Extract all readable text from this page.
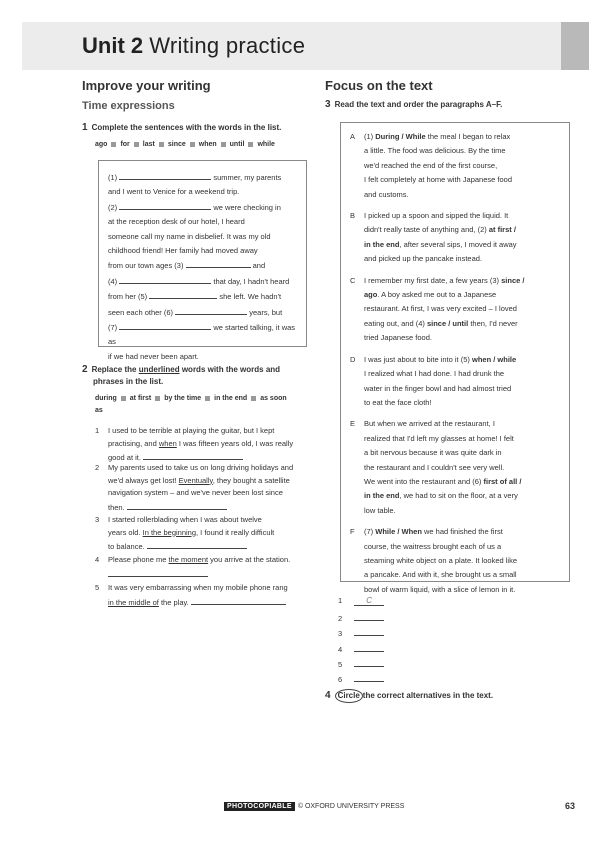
Unit 2 Writing practice
Improve your writing
Time expressions
1 Complete the sentences with the words in the list.
ago for last since when until while
(1)	summer, my parents
and I went to Venice for a weekend trip.
(2)	we were checking in
at the reception desk of our hotel, I heard
someone call my name in disbelief. It was my old
childhood friend! Her family had moved away
from our town ages (3)	and
(4)	that day, I hadn't heard
from her (5)	she left. We hadn't
seen each other (6)	years, but
(7)	we started talking, it was as
if we had never been apart.
2 Replace the underlined words with the words and
phrases in the list.
during at first by the time in the end as soon as
1 I used to be terrible at playing the guitar, but I kept
practising, and when I was fifteen years old, I was really
good at it.
2 My parents used to take us on long driving holidays and
we'd always get lost! Eventually, they bought a satellite
navigation system – and we've never been lost since
then.
3 I started rollerblading when I was about twelve
years old. In the beginning, I found it really difficult
to balance.
4 Please phone me the moment you arrive at the station.
5 It was very embarrassing when my mobile phone rang
in the middle of the play.
Focus on the text
3 Read the text and order the paragraphs A–F.
A (1) During / While the meal I began to relax
a little. The food was delicious. By the time
we'd reached the end of the first course,
I felt completely at home with Japanese food
and customs.
B I picked up a spoon and sipped the liquid. It
didn't really taste of anything and, (2) at first /
in the end, after several sips, I moved it away
and picked up the pancake instead.
C I remember my first date, a few years (3) since /
ago. A boy asked me out to a Japanese
restaurant. At first, I was very excited – I loved
eating out, and (4) since / until then, I'd never
tried Japanese food.
D I was just about to bite into it (5) when / while
I realized what I had done. I had drunk the
water in the finger bowl and had almost tried
to eat the face cloth!
E But when we arrived at the restaurant, I
realized that I'd left my glasses at home! I felt
a bit nervous because it was quite dark in
the restaurant and I couldn't see very well.
We went into the restaurant and (6) first of all /
in the end, we had to sit on the floor, at a very
low table.
F (7) While / When we had finished the first
course, the waitress brought each of us a
steaming white object on a plate. It looked like
a pancake. And with it, she brought us a small
bowl of warm liquid, with a slice of lemon in it.
1	C
2
3
4
5
6
4 Circle the correct alternatives in the text.
PHOTOCOPIABLE © OXFORD UNIVERSITY PRESS	63
